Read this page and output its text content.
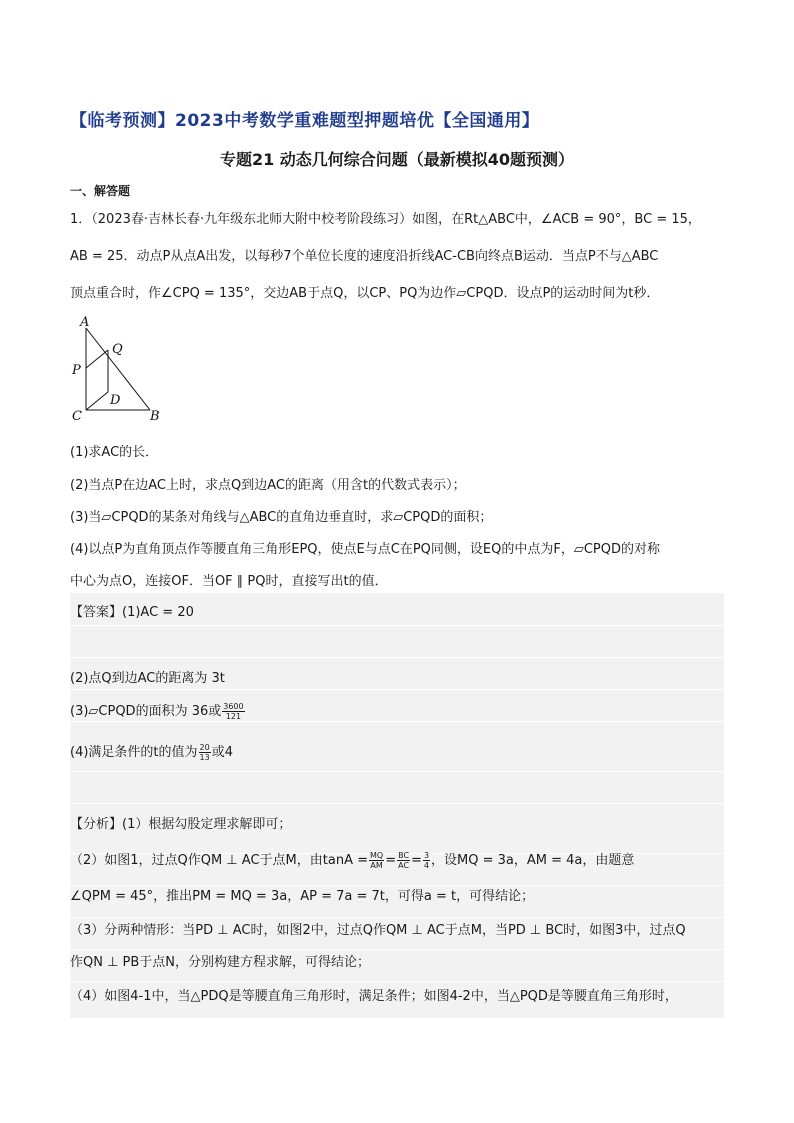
【临考预测】2023中考数学重难题型押题培优【全国通用】
专题21 动态几何综合问题（最新模拟40题预测）
一、解答题
1．（2023春·吉林长春·九年级东北师大附中校考阶段练习）如图，在Rt△ABC中，∠ACB = 90°，BC = 15，
AB = 25．动点P从点A出发，以每秒7个单位长度的速度沿折线AC-CB向终点B运动．当点P不与△ABC
顶点重合时，作∠CPQ = 135°，交边AB于点Q，以CP、PQ为边作▱CPQD．设点P的运动时间为t秒．
A
Q
P
D
C	B
(1)求AC的长．
(2)当点P在边AC上时，求点Q到边AC的距离（用含t的代数式表示）；
(3)当▱CPQD的某条对角线与△ABC的直角边垂直时，求▱CPQD的面积；
(4)以点P为直角顶点作等腰直角三角形EPQ，使点E与点C在PQ同侧，设EQ的中点为F，▱CPQD的对称
中心为点O，连接OF．当OF ∥ PQ时，直接写出t的值．
【答案】(1)AC = 20
(2)点Q到边AC的距离为 3t
(3)▱CPQD的面积为 36或 $\frac{3600}{121}$
(4)满足条件的t的值为 $\frac{20}{13}$ 或4
【分析】(1）根据勾股定理求解即可；
（2）如图1，过点Q作QM ⊥ AC于点M，由$\tan A = \frac{MQ}{AM} = \frac{BC}{AC} = \frac{3}{4}$ ，设MQ = 3a，AM = 4a，由题意
∠QPM = 45°，推出PM = MQ = 3a，AP = 7a = 7t，可得a = t，可得结论；
（3）分两种情形：当PD ⊥ AC时，如图2中，过点Q作QM ⊥ AC于点M，当PD ⊥ BC时，如图3中，过点Q
作QN ⊥ PB于点N，分别构建方程求解，可得结论；
（4）如图4-1中，当△PDQ是等腰直角三角形时，满足条件；如图4-2中，当△PQD是等腰直角三角形时，
